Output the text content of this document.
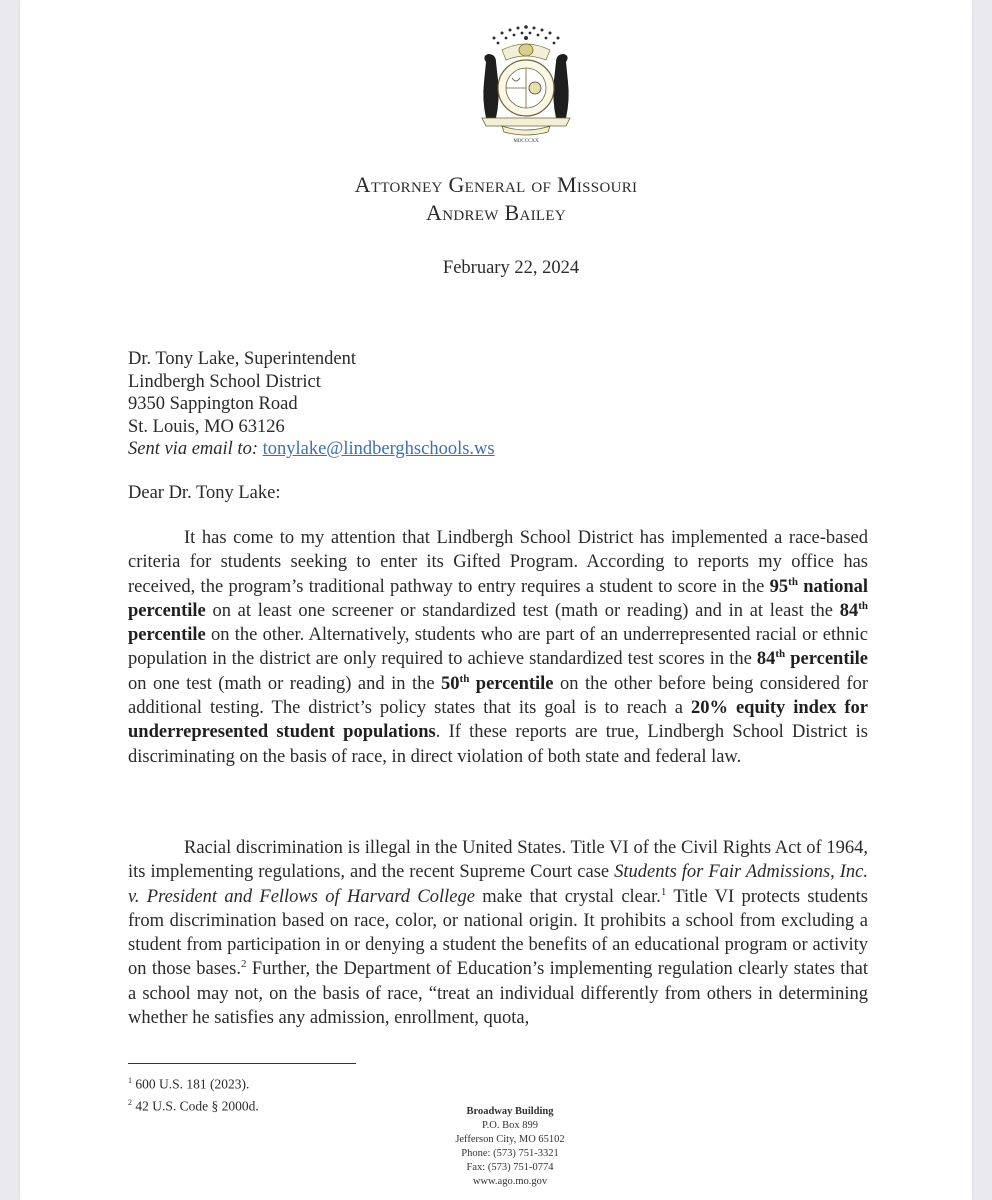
MDCCCXX
Attorney General of Missouri
Andrew Bailey
February 22, 2024
Dr. Tony Lake, Superintendent
Lindbergh School District
9350 Sappington Road
St. Louis, MO 63126
Sent via email to: tonylake@lindberghschools.ws
Dear Dr. Tony Lake:

It has come to my attention that Lindbergh School District has implemented a race-based criteria for students seeking to enter its Gifted Program. According to reports my office has received, the program’s traditional pathway to entry requires a student to score in the 95th national percentile on at least one screener or standardized test (math or reading) and in at least the 84th percentile on the other. Alternatively, students who are part of an underrepresented racial or ethnic population in the district are only required to achieve standardized test scores in the 84th percentile on one test (math or reading) and in the 50th percentile on the other before being considered for additional testing. The district’s policy states that its goal is to reach a 20% equity index for underrepresented student populations. If these reports are true, Lindbergh School District is discriminating on the basis of race, in direct violation of both state and federal law.

Racial discrimination is illegal in the United States. Title VI of the Civil Rights Act of 1964, its implementing regulations, and the recent Supreme Court case Students for Fair Admissions, Inc. v. President and Fellows of Harvard College make that crystal clear.$^1$ Title VI protects students from discrimination based on race, color, or national origin. It prohibits a school from excluding a student from participation in or denying a student the benefits of an educational program or activity on those bases.$^2$ Further, the Department of Education’s implementing regulation clearly states that a school may not, on the basis of race, “treat an individual differently from others in determining whether he satisfies any admission, enrollment, quota,

$^1$ 600 U.S. 181 (2023).
$^2$ 42 U.S. Code § 2000d.	Broadway Building
P.O. Box 899
Jefferson City, MO 65102
Phone: (573) 751-3321
Fax: (573) 751-0774
www.ago.mo.gov
